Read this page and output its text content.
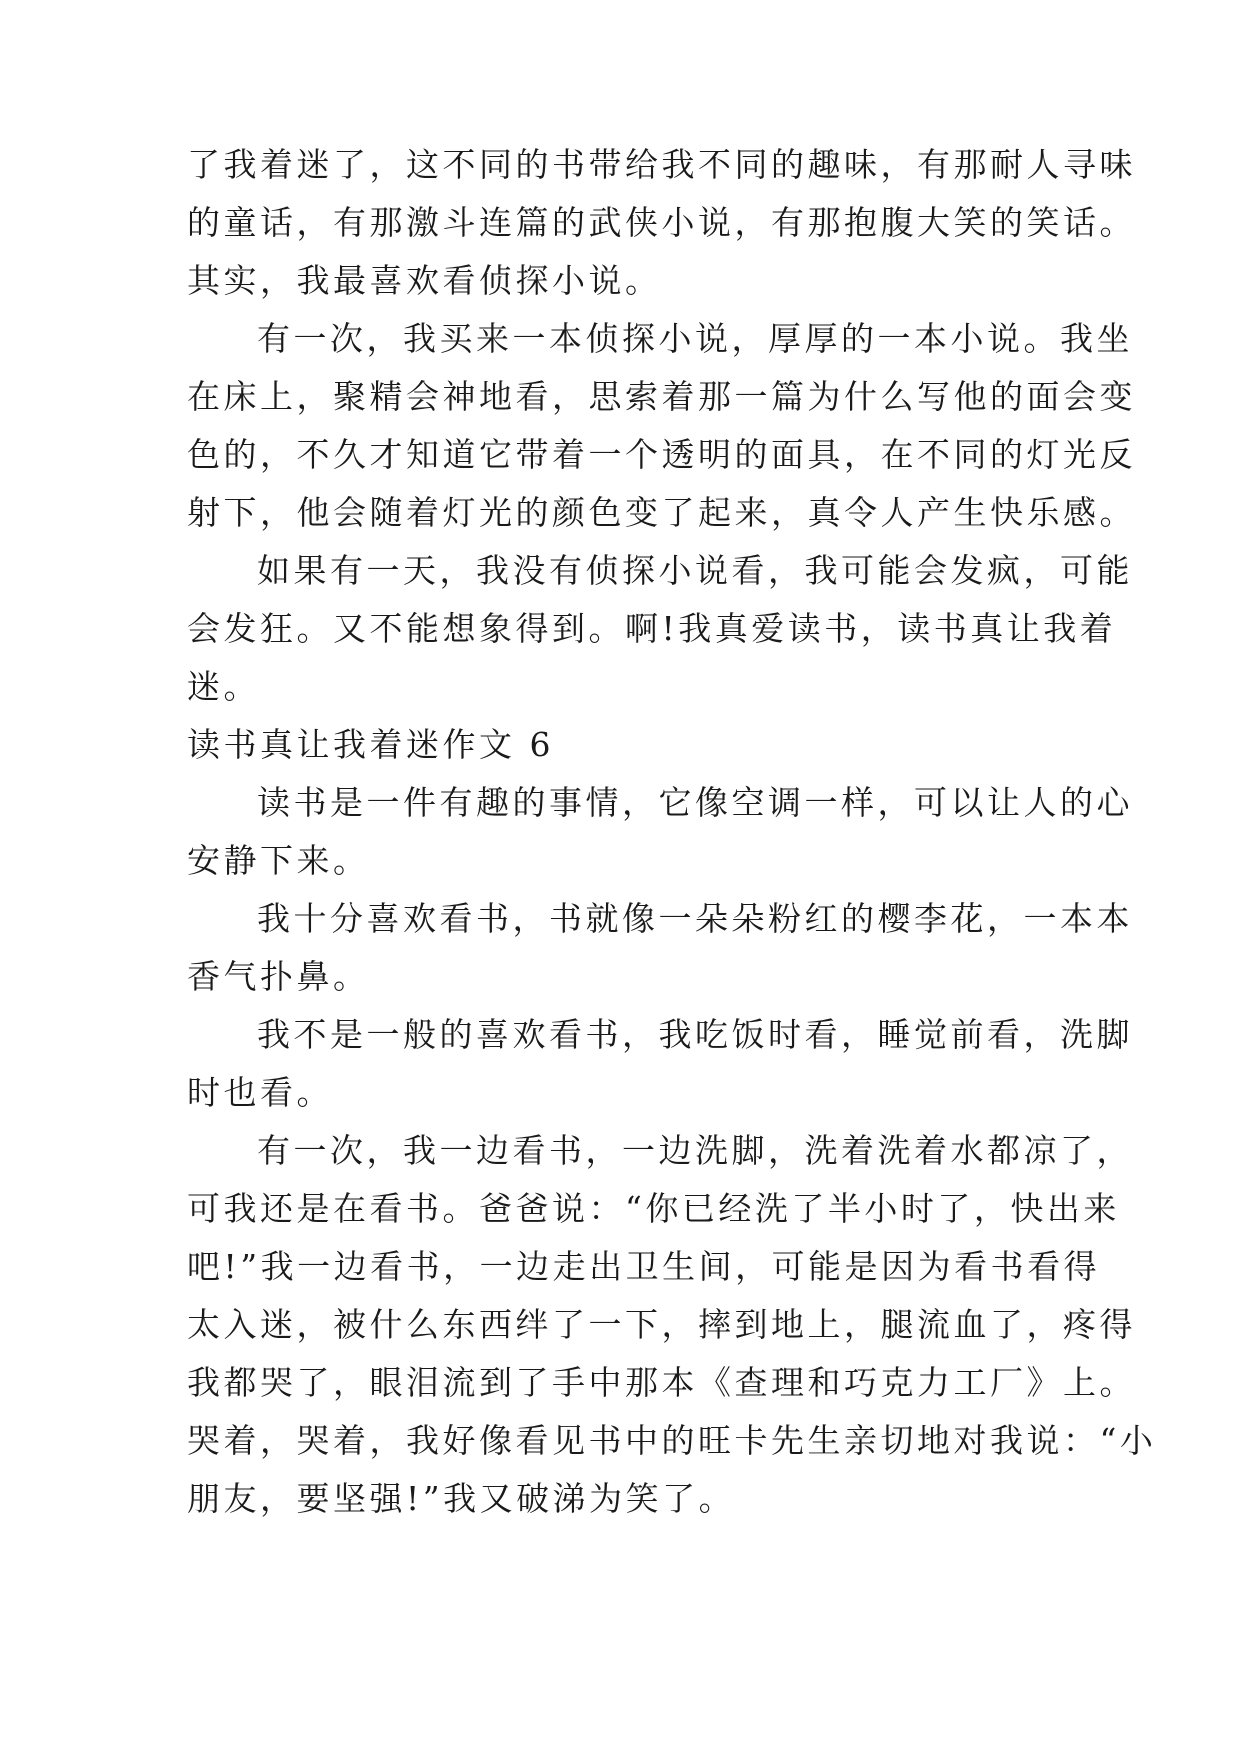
了我着迷了，这不同的书带给我不同的趣味，有那耐人寻味
的童话，有那激斗连篇的武侠小说，有那抱腹大笑的笑话。
其实，我最喜欢看侦探小说。
有一次，我买来一本侦探小说，厚厚的一本小说。我坐
在床上，聚精会神地看，思索着那一篇为什么写他的面会变
色的，不久才知道它带着一个透明的面具，在不同的灯光反
射下，他会随着灯光的颜色变了起来，真令人产生快乐感。
如果有一天，我没有侦探小说看，我可能会发疯，可能
会发狂。又不能想象得到。啊!我真爱读书，读书真让我着
迷。
读书真让我着迷作文 6
读书是一件有趣的事情，它像空调一样，可以让人的心
安静下来。
我十分喜欢看书，书就像一朵朵粉红的樱李花，一本本
香气扑鼻。
我不是一般的喜欢看书，我吃饭时看，睡觉前看，洗脚
时也看。
有一次，我一边看书，一边洗脚，洗着洗着水都凉了，
可我还是在看书。爸爸说：“你已经洗了半小时了，快出来
吧!”我一边看书，一边走出卫生间，可能是因为看书看得
太入迷，被什么东西绊了一下，摔到地上，腿流血了，疼得
我都哭了，眼泪流到了手中那本《查理和巧克力工厂》上。
哭着，哭着，我好像看见书中的旺卡先生亲切地对我说：“小
朋友，要坚强!”我又破涕为笑了。
